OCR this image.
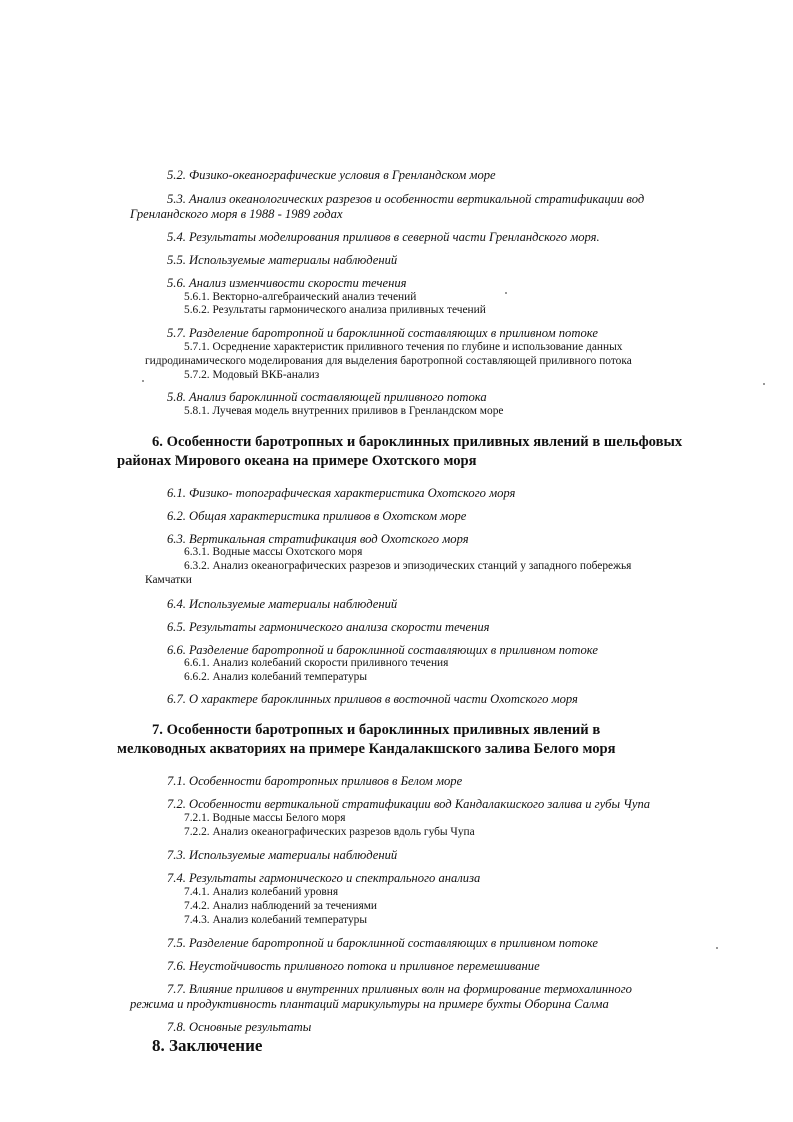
5.2. Физико-океанографические условия в Гренландском море
5.3. Анализ океанологических разрезов и особенности вертикальной стратификации вод
Гренландского моря в 1988 - 1989 годах
5.4. Результаты моделирования приливов в северной части Гренландского моря.
5.5. Используемые материалы наблюдений
5.6. Анализ изменчивости скорости течения
5.6.1. Векторно-алгебраический анализ течений
5.6.2. Результаты гармонического анализа приливных течений
5.7. Разделение баротропной и бароклинной составляющих в приливном потоке
5.7.1. Осреднение характеристик приливного течения по глубине и использование данных
гидродинамического моделирования для выделения баротропной составляющей приливного потока
5.7.2. Модовый ВКБ-анализ
5.8. Анализ бароклинной составляющей приливного потока
5.8.1. Лучевая модель внутренних приливов в Гренландском море
6. Особенности баротропных и бароклинных приливных явлений в шельфовых
районах Мирового океана на примере Охотского моря
6.1. Физико- топографическая характеристика Охотского моря
6.2. Общая характеристика приливов в Охотском море
6.3. Вертикальная стратификация вод Охотского моря
6.3.1. Водные массы Охотского моря
6.3.2. Анализ океанографических разрезов и эпизодических станций у западного побережья
Камчатки
6.4. Используемые материалы наблюдений
6.5. Результаты гармонического анализа скорости течения
6.6. Разделение баротропной и бароклинной составляющих в приливном потоке
6.6.1. Анализ колебаний скорости приливного течения
6.6.2. Анализ колебаний температуры
6.7. О характере бароклинных приливов в восточной части Охотского моря
7. Особенности баротропных и бароклинных приливных явлений в
мелководных акваториях на примере Кандалакшского залива Белого моря
7.1. Особенности баротропных приливов в Белом море
7.2. Особенности вертикальной стратификации вод Кандалакшского залива и губы Чупа
7.2.1. Водные массы Белого моря
7.2.2. Анализ океанографических разрезов вдоль губы Чупа
7.3. Используемые материалы наблюдений
7.4. Результаты гармонического и спектрального анализа
7.4.1. Анализ колебаний уровня
7.4.2. Анализ наблюдений за течениями
7.4.3. Анализ колебаний температуры
7.5. Разделение баротропной и бароклинной составляющих в приливном потоке
7.6. Неустойчивость приливного потока и приливное перемешивание
7.7. Влияние приливов и внутренних приливных волн на формирование термохалинного
режима и продуктивность плантаций марикультуры на примере бухты Оборина Салма
7.8. Основные результаты
8. Заключение
